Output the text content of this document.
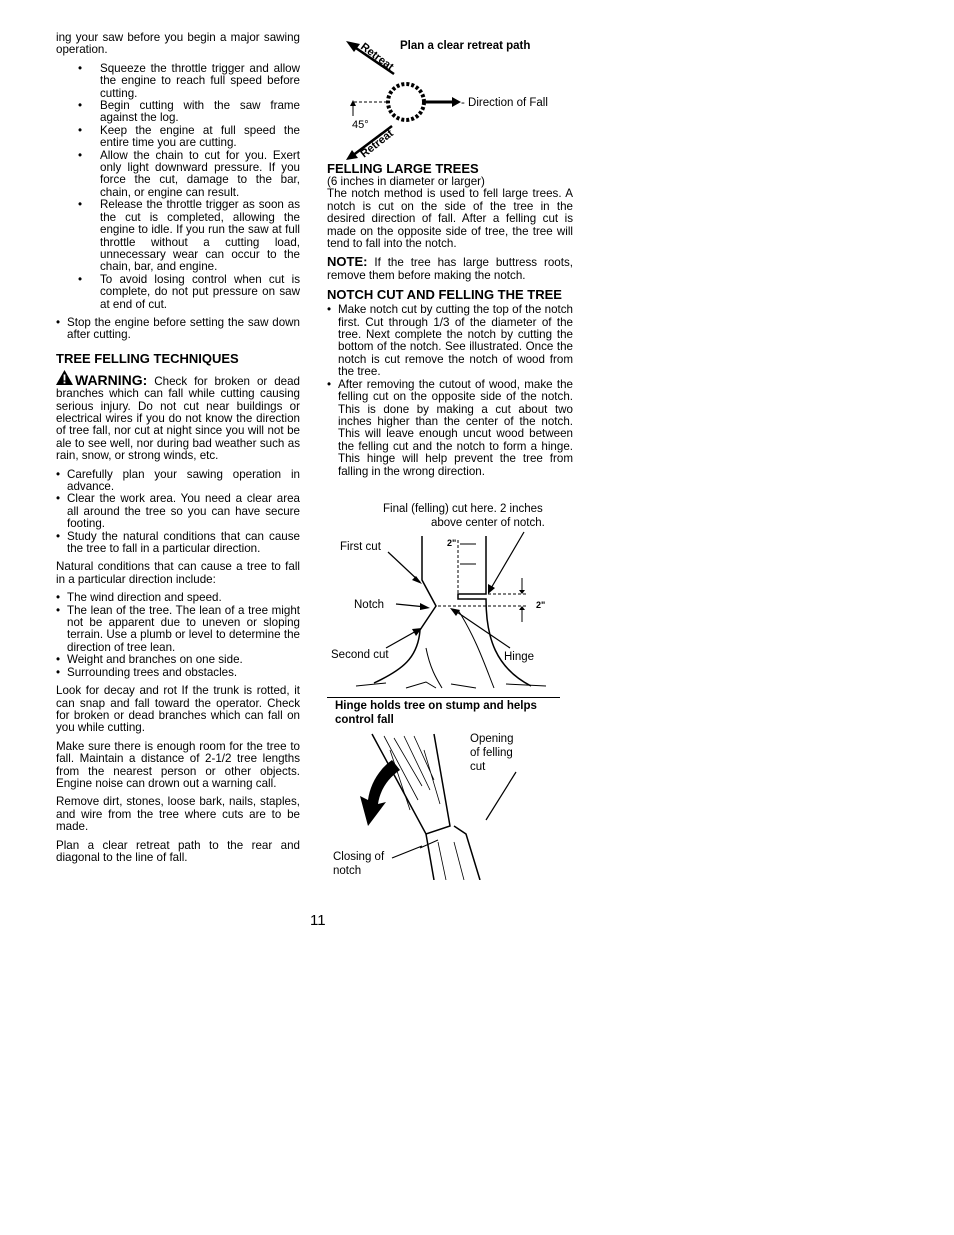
ing your saw before you begin a major sawing operation.

• Squeeze the throttle trigger and allow the engine to reach full speed before cutting.
• Begin cutting with the saw frame against the log.
• Keep the engine at full speed the entire time you are cutting.
• Allow the chain to cut for you. Exert only light downward pressure. If you force the cut, damage to the bar, chain, or engine can result.
• Release the throttle trigger as soon as the cut is completed, allowing the engine to idle. If you run the saw at full throttle without a cutting load, unnecessary wear can occur to the chain, bar, and engine.
• To avoid losing control when cut is complete, do not put pressure on saw at end of cut.
• Stop the engine before setting the saw down after cutting.
TREE FELLING TECHNIQUES

WARNING: Check for broken or dead branches which can fall while cutting causing serious injury. Do not cut near buildings or electrical wires if you do not know the direction of tree fall, nor cut at night since you will not be ale to see well, nor during bad weather such as rain, snow, or strong winds, etc.

• Carefully plan your sawing operation in advance.
• Clear the work area. You need a clear area all around the tree so you can have secure footing.
• Study the natural conditions that can cause the tree to fall in a particular direction.

Natural conditions that can cause a tree to fall in a particular direction include:

• The wind direction and speed.
• The lean of the tree. The lean of a tree might not be apparent due to uneven or sloping terrain. Use a plumb or level to determine the direction of tree lean.
• Weight and branches on one side.
• Surrounding trees and obstacles.

Look for decay and rot If the trunk is rotted, it can snap and fall toward the operator. Check for broken or dead branches which can fall on you while cutting.

Make sure there is enough room for the tree to fall. Maintain a distance of 2-1/2 tree lengths from the nearest person or other objects. Engine noise can drown out a warning call.

Remove dirt, stones, loose bark, nails, staples, and wire from the tree where cuts are to be made.

Plan a clear retreat path to the rear and diagonal to the line of fall.

Plan a clear retreat path
Retreat
- Direction of Fall
45°
Retreat
FELLING LARGE TREES

(6 inches in diameter or larger)

The notch method is used to fell large trees. A notch is cut on the side of the tree in the desired direction of fall. After a felling cut is made on the opposite side of tree, the tree will tend to fall into the notch.

NOTE: If the tree has large buttress roots, remove them before making the notch.

NOTCH CUT AND FELLING THE TREE
• Make notch cut by cutting the top of the notch first. Cut through 1/3 of the diameter of the tree. Next complete the notch by cutting the bottom of the notch. See illustrated. Once the notch is cut remove the notch of wood from the tree.
• After removing the cutout of wood, make the felling cut on the opposite side of the notch. This is done by making a cut about two inches higher than the center of the notch. This will leave enough uncut wood between the felling cut and the notch to form a hinge. This hinge will help prevent the tree from falling in the wrong direction.
Final (felling) cut here. 2 inches
above center of notch.
First cut
Notch
Second cut	Hinge
2"
2"
Hinge holds tree on stump and helps control fall
Opening
of felling
cut
Closing of
notch
11
